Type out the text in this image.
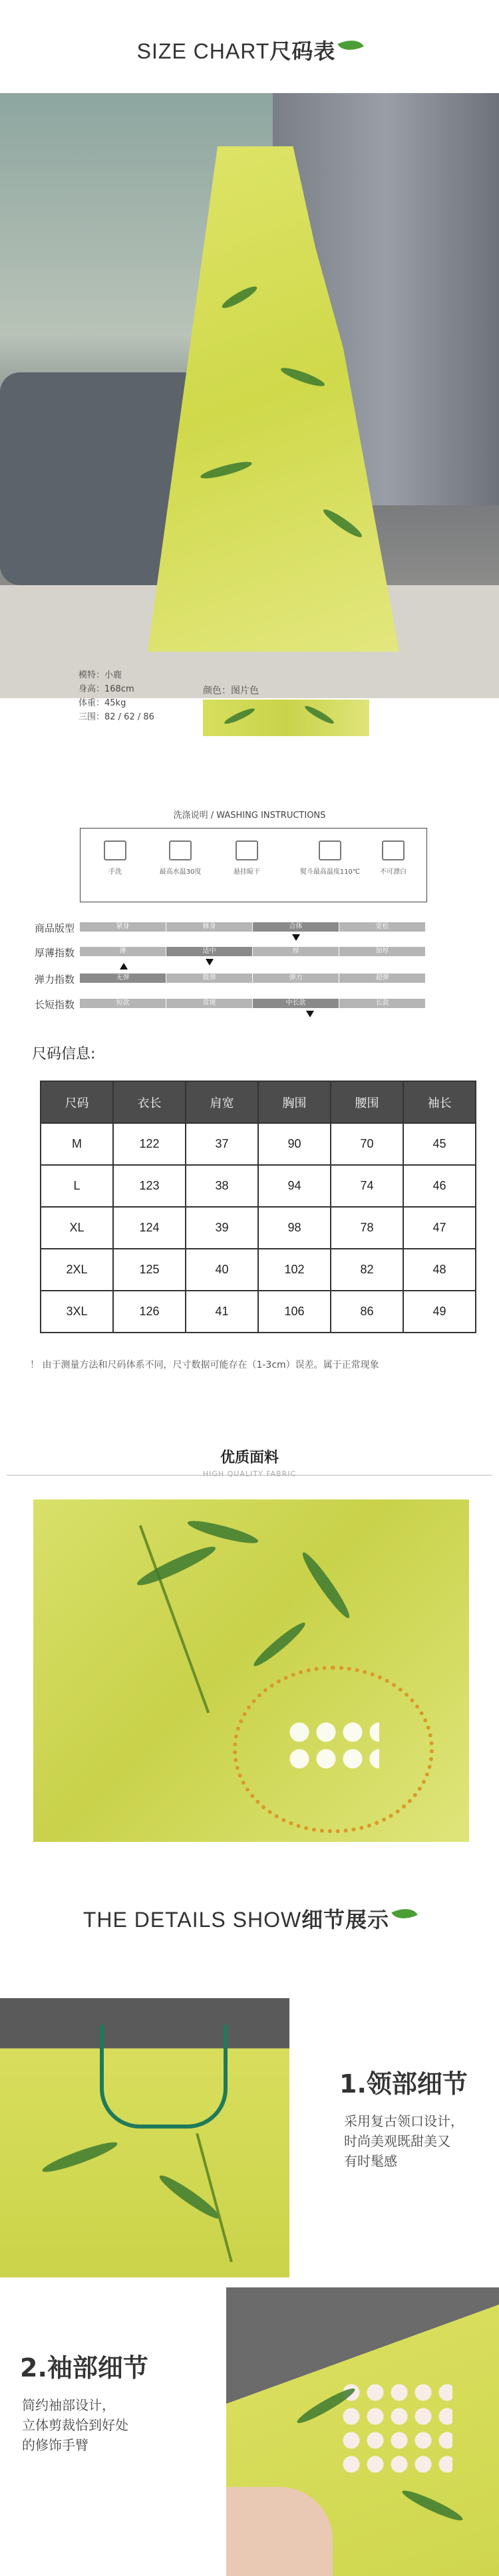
SIZE CHART尺码表
模特：小鹿
身高：168cm
体重：45kg
三围：82 / 62 / 86
颜色：图片色
洗涤说明 / WASHING INSTRUCTIONS
手洗	最高水温30度	悬挂晾干	熨斗最高温度110℃	不可漂白
商品版型	紧身	修身	合体	宽松
厚薄指数	薄	适中	厚	加厚
弹力指数	无弹	微弹	弹力	超弹
长短指数	短款	常规	中长款	长款
尺码信息:
尺码	衣长	肩宽	胸围	腰围	袖长
M	122	37	90	70	45
L	123	38	94	74	46
XL	124	39	98	78	47
2XL	125	40	102	82	48
3XL	126	41	106	86	49
！ 由于测量方法和尺码体系不同，尺寸数据可能存在（1-3cm）误差。属于正常现象
优质面料
HIGH QUALITY FABRIC
THE DETAILS SHOW细节展示
1.领部细节
采用复古领口设计，
时尚美观既甜美又
有时髦感
2.袖部细节
简约袖部设计，
立体剪裁恰到好处
的修饰手臂
